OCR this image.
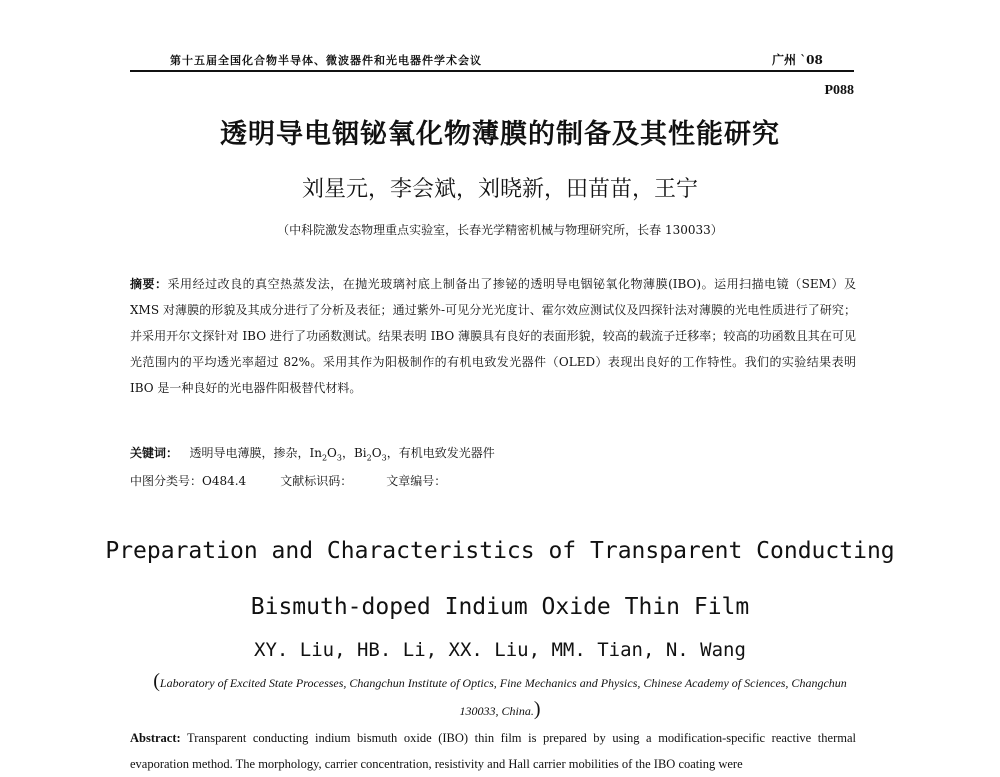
第十五届全国化合物半导体、微波器件和光电器件学术会议	广州 `08
P088
透明导电铟铋氧化物薄膜的制备及其性能研究
刘星元，李会斌，刘晓新，田苗苗，王宁
（中科院激发态物理重点实验室，长春光学精密机械与物理研究所，长春 130033）
摘要：采用经过改良的真空热蒸发法，在抛光玻璃衬底上制备出了掺铋的透明导电铟铋氧化物薄膜(IBO)。运用扫描电镜（SEM）及 XMS 对薄膜的形貌及其成分进行了分析及表征；通过紫外-可见分光光度计、霍尔效应测试仪及四探针法对薄膜的光电性质进行了研究；并采用开尔文探针对 IBO 进行了功函数测试。结果表明 IBO 薄膜具有良好的表面形貌，较高的载流子迁移率；较高的功函数且其在可见光范围内的平均透光率超过 82%。采用其作为阳极制作的有机电致发光器件（OLED）表现出良好的工作特性。我们的实验结果表明 IBO 是一种良好的光电器件阳极替代材料。
关键词： 透明导电薄膜，掺杂，$In_2O_3$，$Bi_2O_3$，有机电致发光器件
中图分类号：O484.4	文献标识码：	文章编号：
Preparation and Characteristics of Transparent Conducting
Bismuth-doped Indium Oxide Thin Film
XY. Liu, HB. Li, XX. Liu, MM. Tian, N. Wang
(Laboratory of Excited State Processes, Changchun Institute of Optics, Fine Mechanics and Physics, Chinese Academy of Sciences, Changchun 130033, China.)
Abstract: Transparent conducting indium bismuth oxide (IBO) thin film is prepared by using a modification-specific reactive thermal evaporation method. The morphology, carrier concentration, resistivity and Hall carrier mobilities of the IBO coating were
